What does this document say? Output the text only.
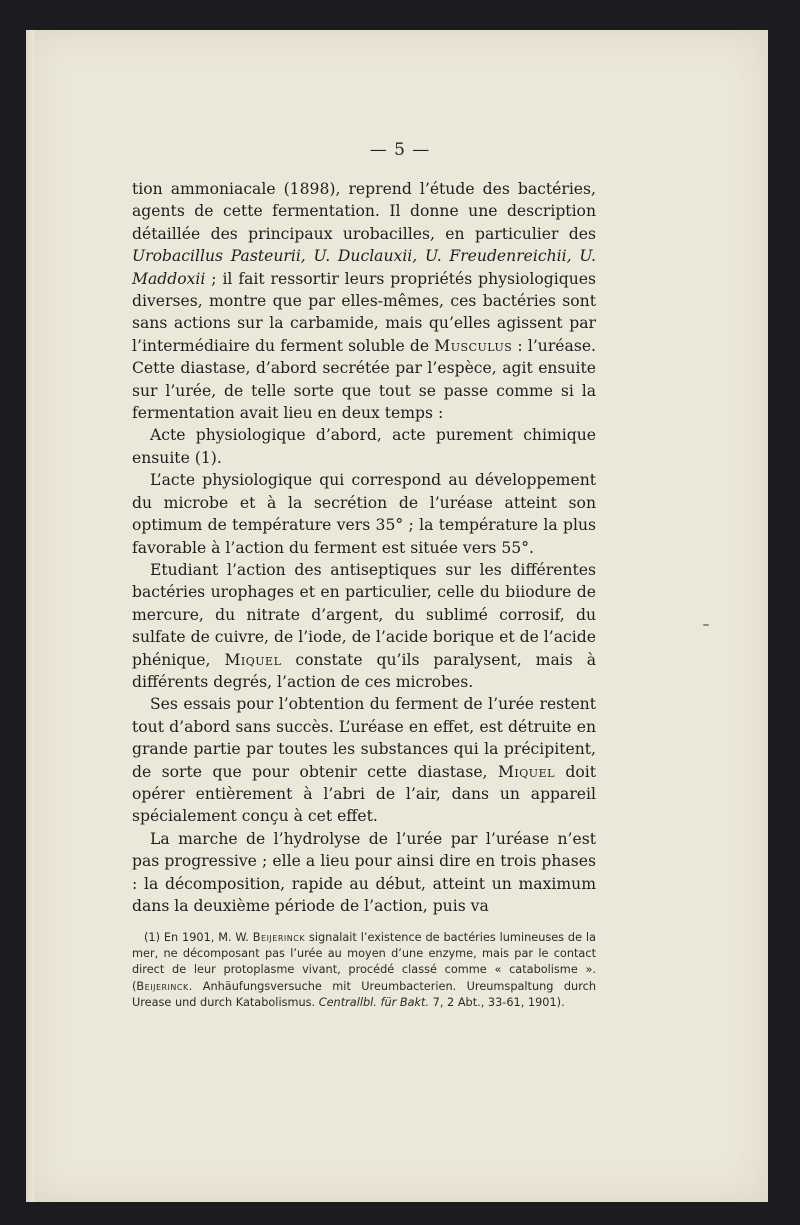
— 5 —

tion ammoniacale (1898), reprend l’étude des bactéries, agents de cette fermentation. Il donne une description détaillée des principaux urobacilles, en particulier des Urobacillus Pasteurii, U. Duclauxii, U. Freudenreichii, U. Maddoxii ; il fait ressortir leurs propriétés physiologiques diverses, montre que par elles-mêmes, ces bactéries sont sans actions sur la carbamide, mais qu’elles agissent par l’intermédiaire du ferment soluble de Musculus : l’uréase. Cette diastase, d’abord secrétée par l’espèce, agit ensuite sur l’urée, de telle sorte que tout se passe comme si la fermentation avait lieu en deux temps :

Acte physiologique d’abord, acte purement chimique ensuite (1).

L’acte physiologique qui correspond au développement du microbe et à la secrétion de l’uréase atteint son optimum de température vers 35° ; la température la plus favorable à l’action du ferment est située vers 55°.

Etudiant l’action des antiseptiques sur les différentes bactéries urophages et en particulier, celle du biiodure de mercure, du nitrate d’argent, du sublimé corrosif, du sulfate de cuivre, de l’iode, de l’acide borique et de l’acide phénique, Miquel constate qu’ils paralysent, mais à différents degrés, l’action de ces microbes.

Ses essais pour l’obtention du ferment de l’urée restent tout d’abord sans succès. L’uréase en effet, est détruite en grande partie par toutes les substances qui la précipitent, de sorte que pour obtenir cette diastase, Miquel doit opérer entièrement à l’abri de l’air, dans un appareil spécialement conçu à cet effet.

La marche de l’hydrolyse de l’urée par l’uréase n’est pas progressive ; elle a lieu pour ainsi dire en trois phases : la décomposition, rapide au début, atteint un maximum dans la deuxième période de l’action, puis va

(1) En 1901, M. W. Beijerinck signalait l’existence de bactéries lumineuses de la mer, ne décomposant pas l’urée au moyen d’une enzyme, mais par le contact direct de leur protoplasme vivant, procédé classé comme « catabolisme ». (Beijerinck. Anhäufungsversuche mit Ureumbacterien. Ureumspaltung durch Urease und durch Katabolismus. Centrallbl. für Bakt. 7, 2 Abt., 33-61, 1901).
